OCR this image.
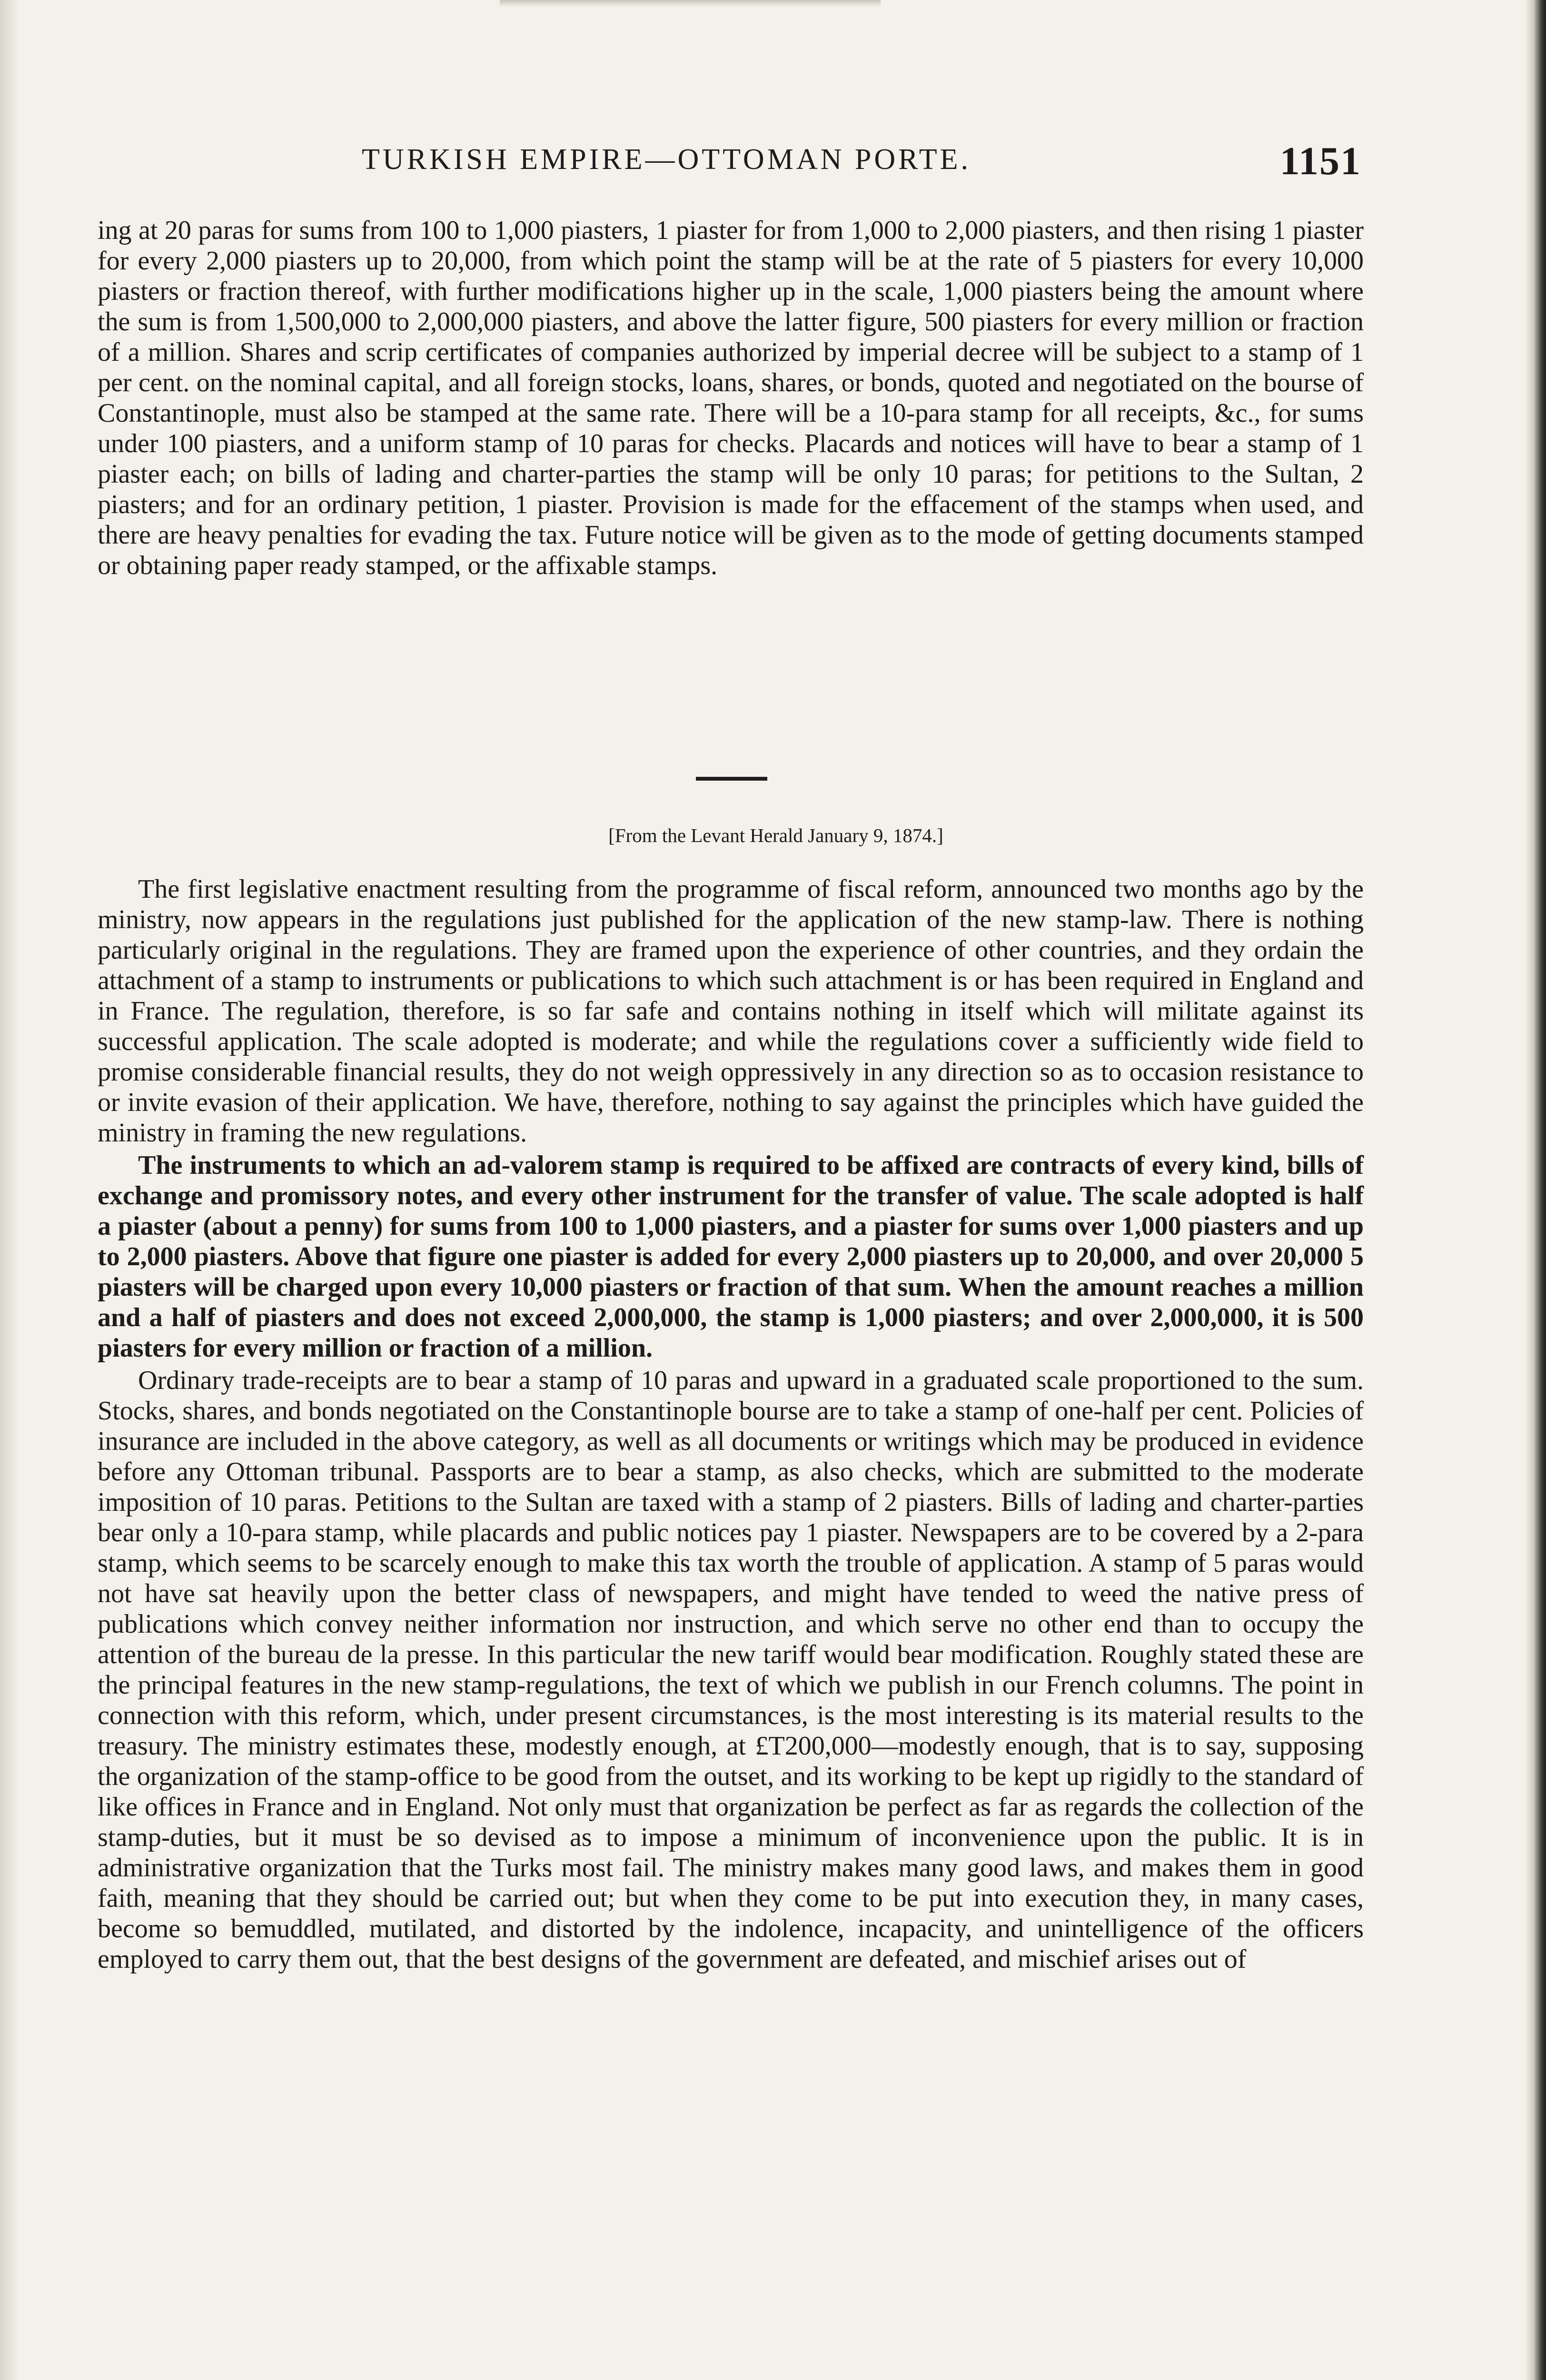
TURKISH EMPIRE—OTTOMAN PORTE.	1151

ing at 20 paras for sums from 100 to 1,000 piasters, 1 piaster for from 1,000 to 2,000 piasters, and then rising 1 piaster for every 2,000 piasters up to 20,000, from which point the stamp will be at the rate of 5 piasters for every 10,000 piasters or fraction thereof, with further modifications higher up in the scale, 1,000 piasters being the amount where the sum is from 1,500,000 to 2,000,000 piasters, and above the latter figure, 500 piasters for every million or fraction of a million. Shares and scrip certificates of companies authorized by imperial decree will be subject to a stamp of 1 per cent. on the nominal capital, and all foreign stocks, loans, shares, or bonds, quoted and negotiated on the bourse of Constantinople, must also be stamped at the same rate. There will be a 10-para stamp for all receipts, &c., for sums under 100 piasters, and a uniform stamp of 10 paras for checks. Placards and notices will have to bear a stamp of 1 piaster each; on bills of lading and charter-parties the stamp will be only 10 paras; for petitions to the Sultan, 2 piasters; and for an ordinary petition, 1 piaster. Provision is made for the effacement of the stamps when used, and there are heavy penalties for evading the tax. Future notice will be given as to the mode of getting documents stamped or obtaining paper ready stamped, or the affixable stamps.

[From the Levant Herald January 9, 1874.]

The first legislative enactment resulting from the programme of fiscal reform, announced two months ago by the ministry, now appears in the regulations just published for the application of the new stamp-law. There is nothing particularly original in the regulations. They are framed upon the experience of other countries, and they ordain the attachment of a stamp to instruments or publications to which such attachment is or has been required in England and in France. The regulation, therefore, is so far safe and contains nothing in itself which will militate against its successful application. The scale adopted is moderate; and while the regulations cover a sufficiently wide field to promise considerable financial results, they do not weigh oppressively in any direction so as to occasion resistance to or invite evasion of their application. We have, therefore, nothing to say against the principles which have guided the ministry in framing the new regulations.

The instruments to which an ad-valorem stamp is required to be affixed are contracts of every kind, bills of exchange and promissory notes, and every other instrument for the transfer of value. The scale adopted is half a piaster (about a penny) for sums from 100 to 1,000 piasters, and a piaster for sums over 1,000 piasters and up to 2,000 piasters. Above that figure one piaster is added for every 2,000 piasters up to 20,000, and over 20,000 5 piasters will be charged upon every 10,000 piasters or fraction of that sum. When the amount reaches a million and a half of piasters and does not exceed 2,000,000, the stamp is 1,000 piasters; and over 2,000,000, it is 500 piasters for every million or fraction of a million.

Ordinary trade-receipts are to bear a stamp of 10 paras and upward in a graduated scale proportioned to the sum. Stocks, shares, and bonds negotiated on the Constantinople bourse are to take a stamp of one-half per cent. Policies of insurance are included in the above category, as well as all documents or writings which may be produced in evidence before any Ottoman tribunal. Passports are to bear a stamp, as also checks, which are submitted to the moderate imposition of 10 paras. Petitions to the Sultan are taxed with a stamp of 2 piasters. Bills of lading and charter-parties bear only a 10-para stamp, while placards and public notices pay 1 piaster. Newspapers are to be covered by a 2-para stamp, which seems to be scarcely enough to make this tax worth the trouble of application. A stamp of 5 paras would not have sat heavily upon the better class of newspapers, and might have tended to weed the native press of publications which convey neither information nor instruction, and which serve no other end than to occupy the attention of the bureau de la presse. In this particular the new tariff would bear modification. Roughly stated these are the principal features in the new stamp-regulations, the text of which we publish in our French columns. The point in connection with this reform, which, under present circumstances, is the most interesting is its material results to the treasury. The ministry estimates these, modestly enough, at £T200,000—modestly enough, that is to say, supposing the organization of the stamp-office to be good from the outset, and its working to be kept up rigidly to the standard of like offices in France and in England. Not only must that organization be perfect as far as regards the collection of the stamp-duties, but it must be so devised as to impose a minimum of inconvenience upon the public. It is in administrative organization that the Turks most fail. The ministry makes many good laws, and makes them in good faith, meaning that they should be carried out; but when they come to be put into execution they, in many cases, become so bemuddled, mutilated, and distorted by the indolence, incapacity, and unintelligence of the officers employed to carry them out, that the best designs of the government are defeated, and mischief arises out of
